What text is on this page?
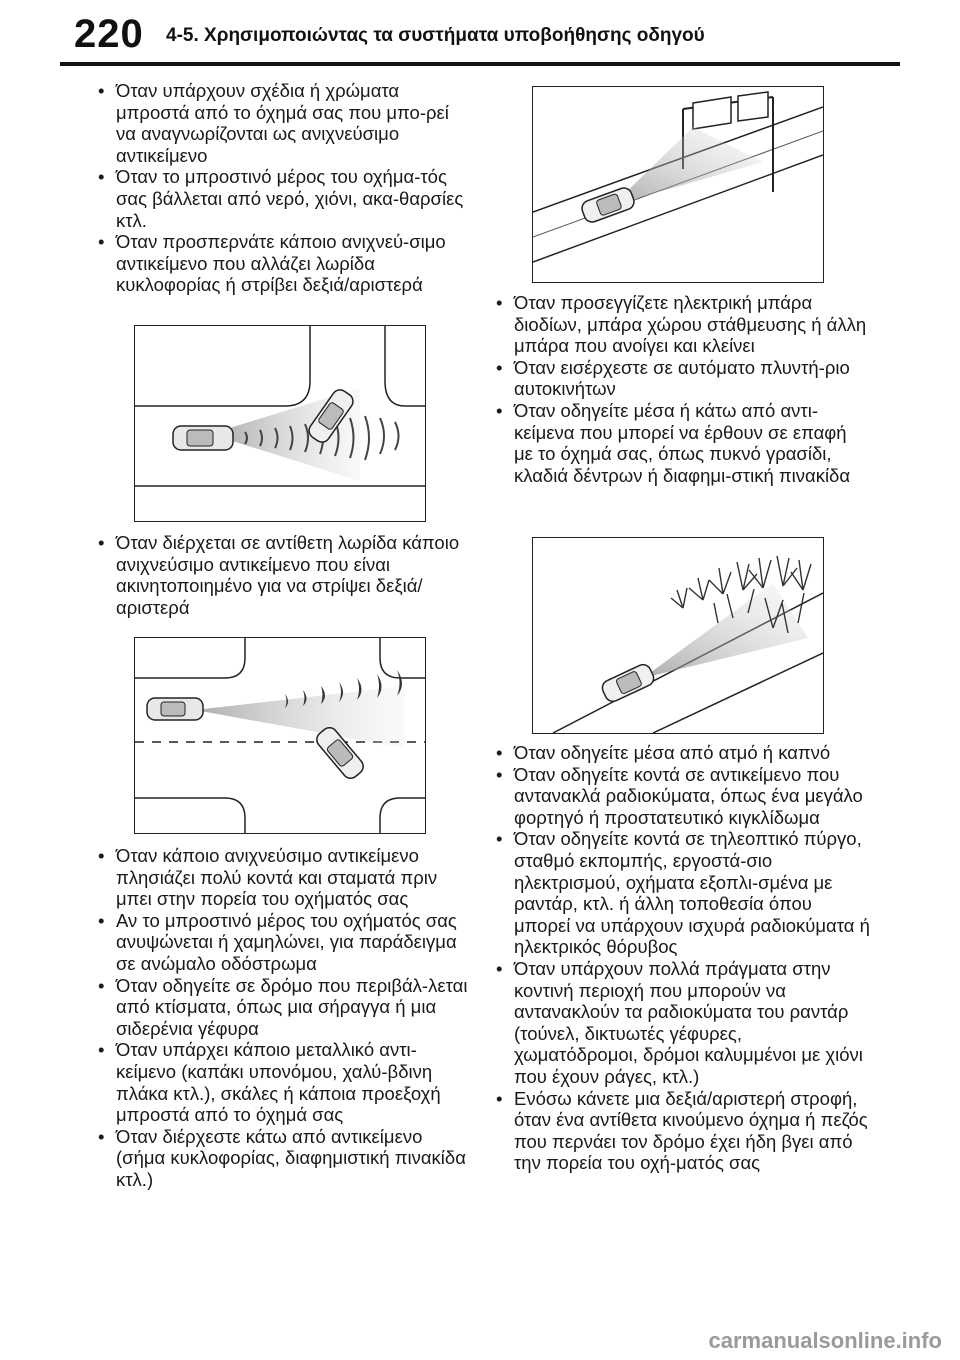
220 4-5. Χρησιμοποιώντας τα συστήματα υποβοήθησης οδηγού
• Όταν υπάρχουν σχέδια ή χρώματα μπροστά από το όχημά σας που μπο-ρεί να αναγνωρίζονται ως ανιχνεύσιμο αντικείμενο
• Όταν το μπροστινό μέρος του οχήμα-τός σας βάλλεται από νερό, χιόνι, ακα-θαρσίες κτλ.
• Όταν προσπερνάτε κάποιο ανιχνεύ-σιμο αντικείμενο που αλλάζει λωρίδα κυκλοφορίας ή στρίβει δεξιά/αριστερά
• Όταν διέρχεται σε αντίθετη λωρίδα κάποιο ανιχνεύσιμο αντικείμενο που είναι ακινητοποιημένο για να στρίψει δεξιά/αριστερά
• Όταν κάποιο ανιχνεύσιμο αντικείμενο πλησιάζει πολύ κοντά και σταματά πριν μπει στην πορεία του οχήματός σας
• Αν το μπροστινό μέρος του οχήματός σας ανυψώνεται ή χαμηλώνει, για παράδειγμα σε ανώμαλο οδόστρωμα
• Όταν οδηγείτε σε δρόμο που περιβάλ-λεται από κτίσματα, όπως μια σήραγγα ή μια σιδερένια γέφυρα
• Όταν υπάρχει κάποιο μεταλλικό αντι-κείμενο (καπάκι υπονόμου, χαλύ-βδινη πλάκα κτλ.), σκάλες ή κάποια προεξοχή μπροστά από το όχημά σας
• Όταν διέρχεστε κάτω από αντικείμενο (σήμα κυκλοφορίας, διαφημιστική πινακίδα κτλ.)
• Όταν προσεγγίζετε ηλεκτρική μπάρα διοδίων, μπάρα χώρου στάθμευσης ή άλλη μπάρα που ανοίγει και κλείνει
• Όταν εισέρχεστε σε αυτόματο πλυντή-ριο αυτοκινήτων
• Όταν οδηγείτε μέσα ή κάτω από αντι-κείμενα που μπορεί να έρθουν σε επαφή με το όχημά σας, όπως πυκνό γρασίδι, κλαδιά δέντρων ή διαφημι-στική πινακίδα
• Όταν οδηγείτε μέσα από ατμό ή καπνό
• Όταν οδηγείτε κοντά σε αντικείμενο που αντανακλά ραδιοκύματα, όπως ένα μεγάλο φορτηγό ή προστατευτικό κιγκλίδωμα
• Όταν οδηγείτε κοντά σε τηλεοπτικό πύργο, σταθμό εκπομπής, εργοστά-σιο ηλεκτρισμού, οχήματα εξοπλι-σμένα με ραντάρ, κτλ. ή άλλη τοποθεσία όπου μπορεί να υπάρχουν ισχυρά ραδιοκύματα ή ηλεκτρικός θόρυβος
• Όταν υπάρχουν πολλά πράγματα στην κοντινή περιοχή που μπορούν να αντανακλούν τα ραδιοκύματα του ραντάρ (τούνελ, δικτυωτές γέφυρες, χωματόδρομοι, δρόμοι καλυμμένοι με χιόνι που έχουν ράγες, κτλ.)
• Ενόσω κάνετε μια δεξιά/αριστερή στροφή, όταν ένα αντίθετα κινούμενο όχημα ή πεζός που περνάει τον δρόμο έχει ήδη βγει από την πορεία του οχή-ματός σας
carmanualsonline.info
